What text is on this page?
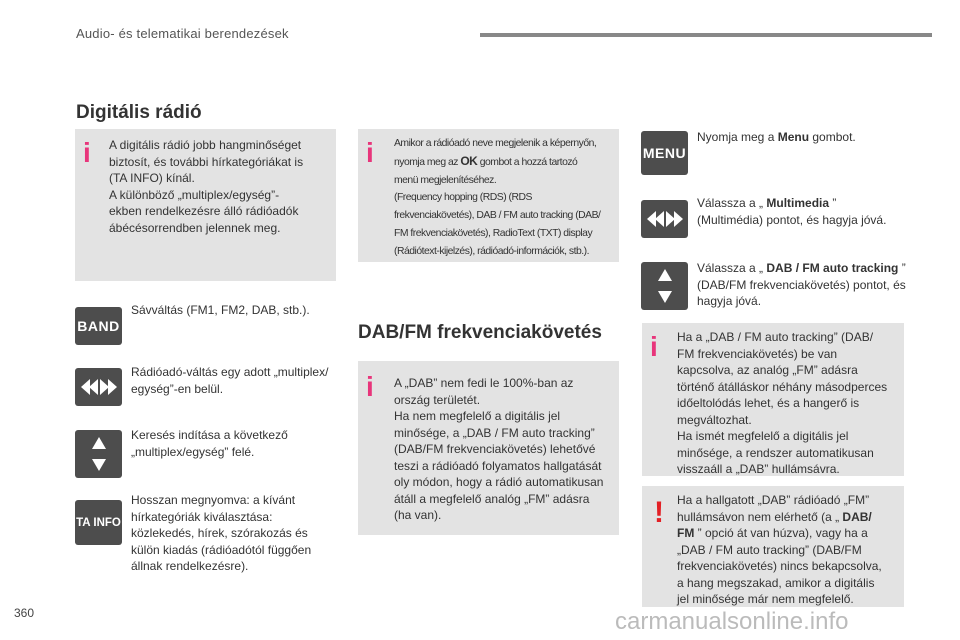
Audio- és telematikai berendezések
Digitális rádió
i A digitális rádió jobb hangminőséget
biztosít, és további hírkategóriákat is
(TA INFO) kínál.
A különböző „multiplex/egység”-
ekben rendelkezésre álló rádióadók
ábécésorrendben jelennek meg.
BAND
Sávváltás (FM1, FM2, DAB, stb.).
Rádióadó-váltás egy adott „multiplex/
egység”-en belül.
Keresés indítása a következő
„multiplex/egység” felé.
TA INFO
Hosszan megnyomva: a kívánt
hírkategóriák kiválasztása:
közlekedés, hírek, szórakozás és
külön kiadás (rádióadótól függően
állnak rendelkezésre).
i Amikor a rádióadó neve megjelenik a képernyőn,
nyomja meg az OK gombot a hozzá tartozó
menü megjelenítéséhez.
(Frequency hopping (RDS) (RDS
frekvenciakövetés), DAB / FM auto tracking (DAB/
FM frekvenciakövetés), RadioText (TXT) display
(Rádiótext-kijelzés), rádióadó-információk, stb.).
DAB/FM frekvenciakövetés
i A „DAB” nem fedi le 100%-ban az
ország területét.
Ha nem megfelelő a digitális jel
minősége, a „DAB / FM auto tracking”
(DAB/FM frekvenciakövetés) lehetővé
teszi a rádióadó folyamatos hallgatását
oly módon, hogy a rádió automatikusan
átáll a megfelelő analóg „FM” adásra
(ha van).
MENU
Nyomja meg a Menu gombot.
Válassza a „ Multimedia ”
(Multimédia) pontot, és hagyja jóvá.
Válassza a „ DAB / FM auto tracking ”
(DAB/FM frekvenciakövetés) pontot, és
hagyja jóvá.
i Ha a „DAB / FM auto tracking” (DAB/
FM frekvenciakövetés) be van
kapcsolva, az analóg „FM” adásra
történő átálláskor néhány másodperces
időeltolódás lehet, és a hangerő is
megváltozhat.
Ha ismét megfelelő a digitális jel
minősége, a rendszer automatikusan
visszaáll a „DAB” hullámsávra.
! Ha a hallgatott „DAB” rádióadó „FM”
hullámsávon nem elérhető (a „ DAB/
FM ” opció át van húzva), vagy ha a
„DAB / FM auto tracking” (DAB/FM
frekvenciakövetés) nincs bekapcsolva,
a hang megszakad, amikor a digitális
jel minősége már nem megfelelő.
360	carmanualsonline.info
